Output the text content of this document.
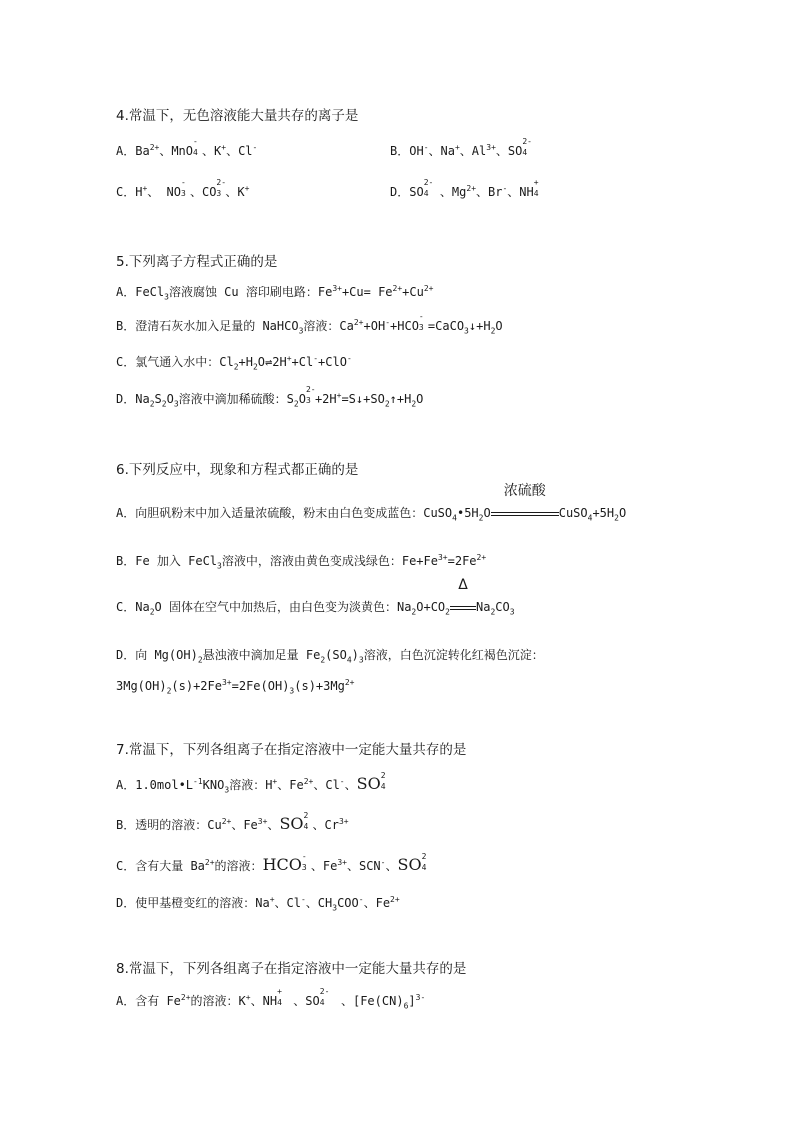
4.常温下，无色溶液能大量共存的离子是
A．$Ba^{2+}$、MnO
-
4 、K+、Cl-	B．OH-、Na+、$Al^{3+}$、SO
2-
4
C．H+、 NO
-
3 、CO
2-
3 、K+	D．SO
2-
4 、$Mg^{2+}$、Br-、NH
+
4
5.下列离子方程式正确的是
A．FeCl$_3$溶液腐蚀 Cu 溶印刷电路：$Fe^{3+}+Cu= Fe^{2+}+Cu^{2+}$
B．澄清石灰水加入足量的 NaHCO$_3$溶液：$Ca^{2+}+OH^-+HCO$
-
$3 =CaCO_3↓+H_2O$
C．氯气通入水中：$Cl_2+H_2O\rightleftharpoons 2H^++Cl^-+ClO^-$
D．$Na_2S_2O_3$溶液中滴加稀硫酸：$S_2O$
2-
$3 +2H^+=S↓+SO_2↑+H_2O$
6.下列反应中，现象和方程式都正确的是
A．向胆矾粉末中加入适量浓硫酸，粉末由白色变成蓝色：$CuSO_4•5H_2O$
浓硫酸
$CuSO_4+5H_2O$
B．Fe 加入 FeCl$_3$溶液中，溶液由黄色变成浅绿色：$Fe+Fe^{3+}=2Fe^{2+}$
C．$Na_2O$ 固体在空气中加热后，由白色变为淡黄色：$Na_2O+CO_2$
Δ
$Na_2CO_3$
D．向 $Mg(OH)_2$悬浊液中滴加足量 $Fe_2(SO_4)_3$溶液，白色沉淀转化红褐色沉淀：
$3Mg(OH)_2(s)+2Fe^{3+}=2Fe(OH)_3(s)+3Mg^{2+}$
7.常温下，下列各组离子在指定溶液中一定能大量共存的是
A．$1.0mol•L^{-1}KNO_3$溶液：H+、$Fe^{2+}$、Cl-、SO 2
4
B．透明的溶液：$Cu^{2+}$、$Fe^{3+}$、SO 2
4 、$Cr^{3+}$
C．含有大量 $Ba^{2+}$的溶液：HCO -
3 、$Fe^{3+}$、SCN-、SO 2
4
D．使甲基橙变红的溶液：Na+、Cl-、$CH_3COO^-$、$Fe^{2+}$
8.常温下，下列各组离子在指定溶液中一定能大量共存的是
A．含有 $Fe^{2+}$的溶液：K+、NH
+
4 、SO
2-
4 、$[Fe(CN)_6]^{3-}$
